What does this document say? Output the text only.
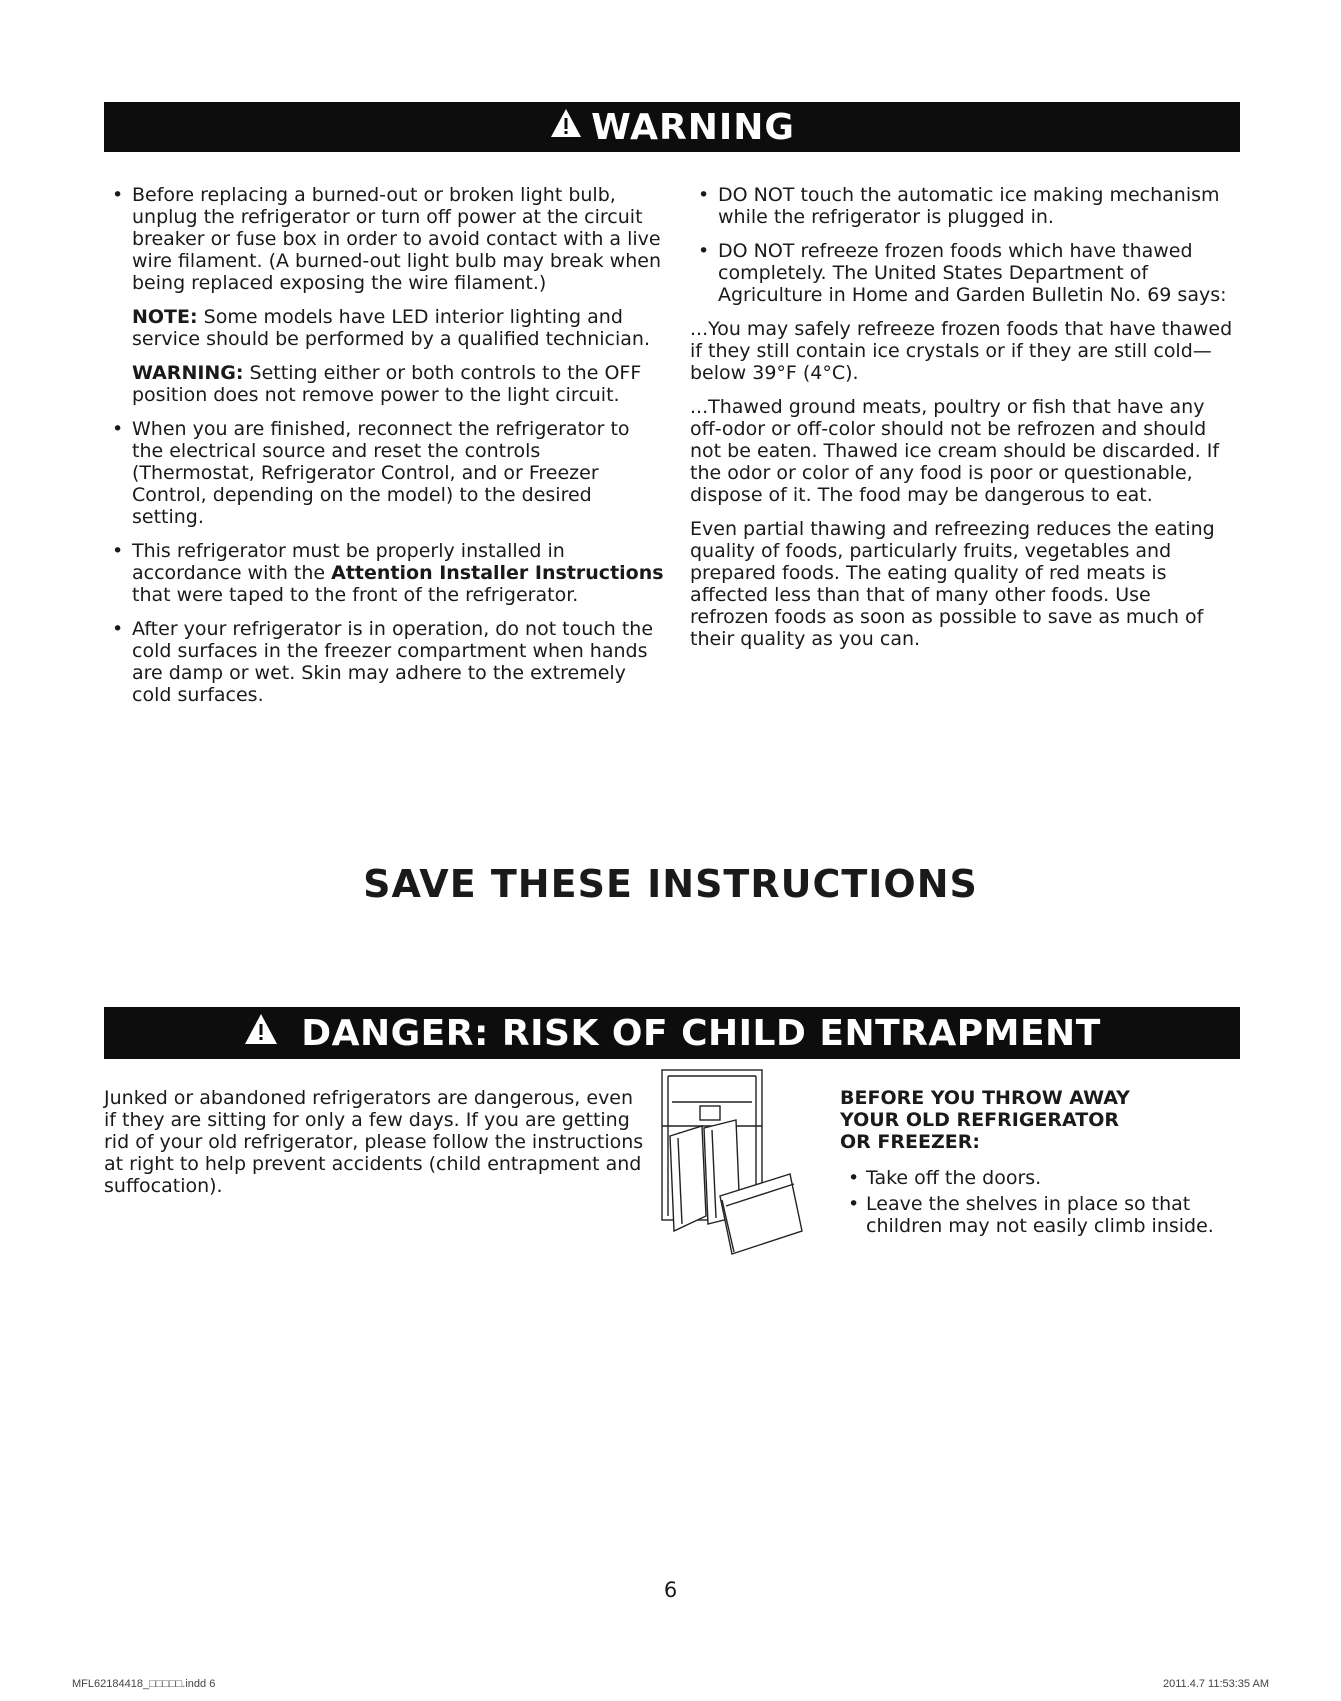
WARNING

• Before replacing a burned-out or broken light bulb, unplug the refrigerator or turn off power at the circuit breaker or fuse box in order to avoid contact with a live wire filament. (A burned-out light bulb may break when being replaced exposing the wire filament.)

NOTE: Some models have LED interior lighting and service should be performed by a qualified technician.

WARNING: Setting either or both controls to the OFF position does not remove power to the light circuit.

• When you are finished, reconnect the refrigerator to the electrical source and reset the controls (Thermostat, Refrigerator Control, and or Freezer Control, depending on the model) to the desired setting.

• This refrigerator must be properly installed in accordance with the Attention Installer Instructions that were taped to the front of the refrigerator.

• After your refrigerator is in operation, do not touch the cold surfaces in the freezer compartment when hands are damp or wet. Skin may adhere to the extremely cold surfaces.

• DO NOT touch the automatic ice making mechanism while the refrigerator is plugged in.

• DO NOT refreeze frozen foods which have thawed completely. The United States Department of Agriculture in Home and Garden Bulletin No. 69 says:

...You may safely refreeze frozen foods that have thawed if they still contain ice crystals or if they are still cold—below 39°F (4°C).

...Thawed ground meats, poultry or fish that have any off-odor or off-color should not be refrozen and should not be eaten. Thawed ice cream should be discarded. If the odor or color of any food is poor or questionable, dispose of it. The food may be dangerous to eat.

Even partial thawing and refreezing reduces the eating quality of foods, particularly fruits, vegetables and prepared foods. The eating quality of red meats is affected less than that of many other foods. Use refrozen foods as soon as possible to save as much of their quality as you can.

SAVE THESE INSTRUCTIONS
DANGER: RISK OF CHILD ENTRAPMENT
Junked or abandoned refrigerators are dangerous, even if they are sitting for only a few days. If you are getting rid of your old refrigerator, please follow the instructions at right to help prevent accidents (child entrapment and suffocation).
BEFORE YOU THROW AWAY
YOUR OLD REFRIGERATOR
OR FREEZER:

• Take off the doors.

• Leave the shelves in place so that children may not easily climb inside.

6
MFL62184418_□□□□□.indd 6	2011.4.7 11:53:35 AM
